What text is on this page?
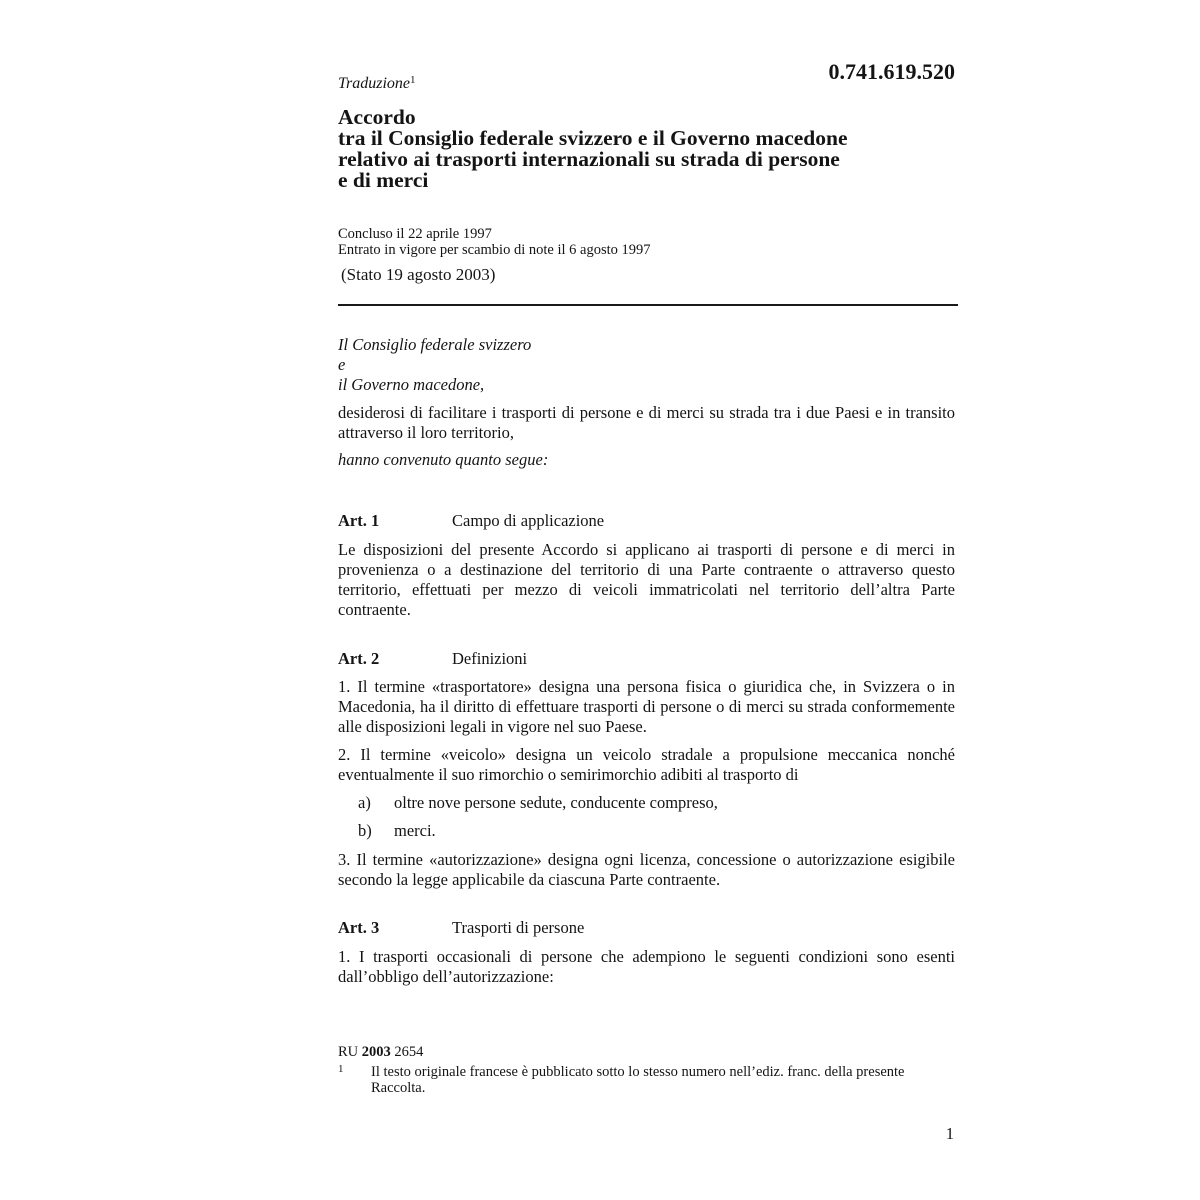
0.741.619.520
Traduzione$^1$
Accordo
tra il Consiglio federale svizzero e il Governo macedone
relativo ai trasporti internazionali su strada di persone
e di merci
Concluso il 22 aprile 1997
Entrato in vigore per scambio di note il 6 agosto 1997
(Stato 19 agosto 2003)
Il Consiglio federale svizzero
e
il Governo macedone,
desiderosi di facilitare i trasporti di persone e di merci su strada tra i due Paesi e in transito attraverso il loro territorio,
hanno convenuto quanto segue:
Art. 1	Campo di applicazione
Le disposizioni del presente Accordo si applicano ai trasporti di persone e di merci in provenienza o a destinazione del territorio di una Parte contraente o attraverso questo territorio, effettuati per mezzo di veicoli immatricolati nel territorio dell’altra Parte contraente.
Art. 2	Definizioni
1. Il termine «trasportatore» designa una persona fisica o giuridica che, in Svizzera o in Macedonia, ha il diritto di effettuare trasporti di persone o di merci su strada conformemente alle disposizioni legali in vigore nel suo Paese.
2. Il termine «veicolo» designa un veicolo stradale a propulsione meccanica nonché eventualmente il suo rimorchio o semirimorchio adibiti al trasporto di
a) oltre nove persone sedute, conducente compreso,
b) merci.
3. Il termine «autorizzazione» designa ogni licenza, concessione o autorizzazione esigibile secondo la legge applicabile da ciascuna Parte contraente.
Art. 3	Trasporti di persone
1. I trasporti occasionali di persone che adempiono le seguenti condizioni sono esenti dall’obbligo dell’autorizzazione:
RU 2003 2654
1 Il testo originale francese è pubblicato sotto lo stesso numero nell’ediz. franc. della presente Raccolta.
1
